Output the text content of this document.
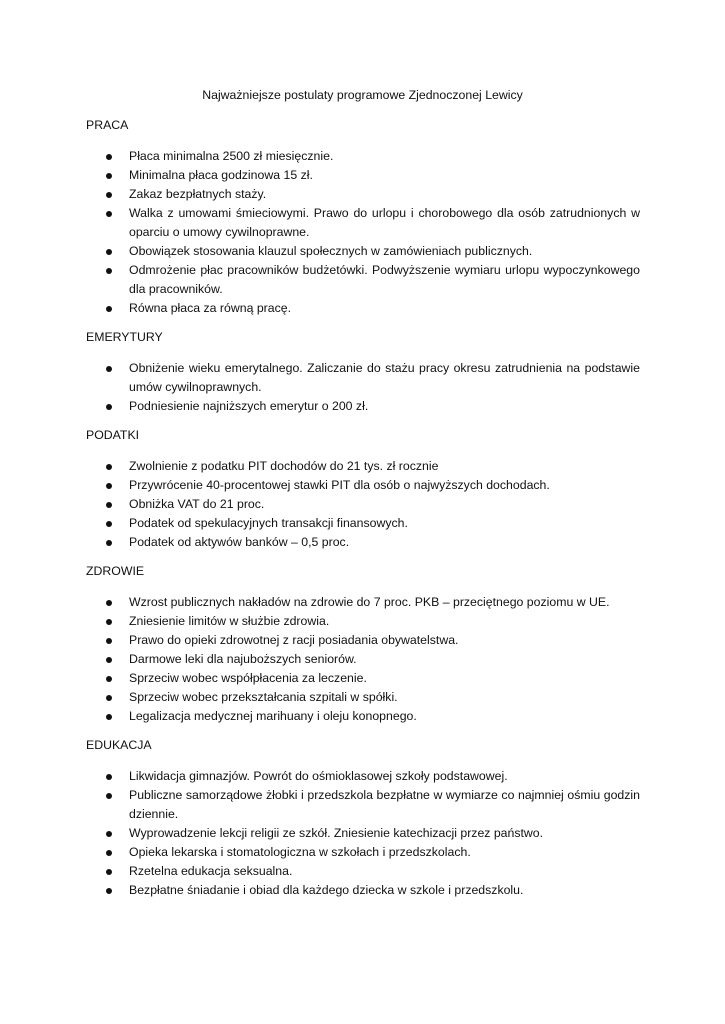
Najważniejsze postulaty programowe Zjednoczonej Lewicy
PRACA
Płaca minimalna 2500 zł miesięcznie.
Minimalna płaca godzinowa 15 zł.
Zakaz bezpłatnych staży.
Walka z umowami śmieciowymi. Prawo do urlopu i chorobowego dla osób zatrudnionych w oparciu o umowy cywilnoprawne.
Obowiązek stosowania klauzul społecznych w zamówieniach publicznych.
Odmrożenie płac pracowników budżetówki. Podwyższenie wymiaru urlopu wypoczynkowego dla pracowników.
Równa płaca za równą pracę.
EMERYTURY
Obniżenie wieku emerytalnego. Zaliczanie do stażu pracy okresu zatrudnienia na podstawie umów cywilnoprawnych.
Podniesienie najniższych emerytur o 200 zł.
PODATKI
Zwolnienie z podatku PIT dochodów do 21 tys. zł rocznie
Przywrócenie 40-procentowej stawki PIT dla osób o najwyższych dochodach.
Obniżka VAT do 21 proc.
Podatek od spekulacyjnych transakcji finansowych.
Podatek od aktywów banków – 0,5 proc.
ZDROWIE
Wzrost publicznych nakładów na zdrowie do 7 proc. PKB – przeciętnego poziomu w UE.
Zniesienie limitów w służbie zdrowia.
Prawo do opieki zdrowotnej z racji posiadania obywatelstwa.
Darmowe leki dla najuboższych seniorów.
Sprzeciw wobec współpłacenia za leczenie.
Sprzeciw wobec przekształcania szpitali w spółki.
Legalizacja medycznej marihuany i oleju konopnego.
EDUKACJA
Likwidacja gimnazjów. Powrót do ośmioklasowej szkoły podstawowej.
Publiczne samorządowe żłobki i przedszkola bezpłatne w wymiarze co najmniej ośmiu godzin dziennie.
Wyprowadzenie lekcji religii ze szkół. Zniesienie katechizacji przez państwo.
Opieka lekarska i stomatologiczna w szkołach i przedszkolach.
Rzetelna edukacja seksualna.
Bezpłatne śniadanie i obiad dla każdego dziecka w szkole i przedszkolu.
